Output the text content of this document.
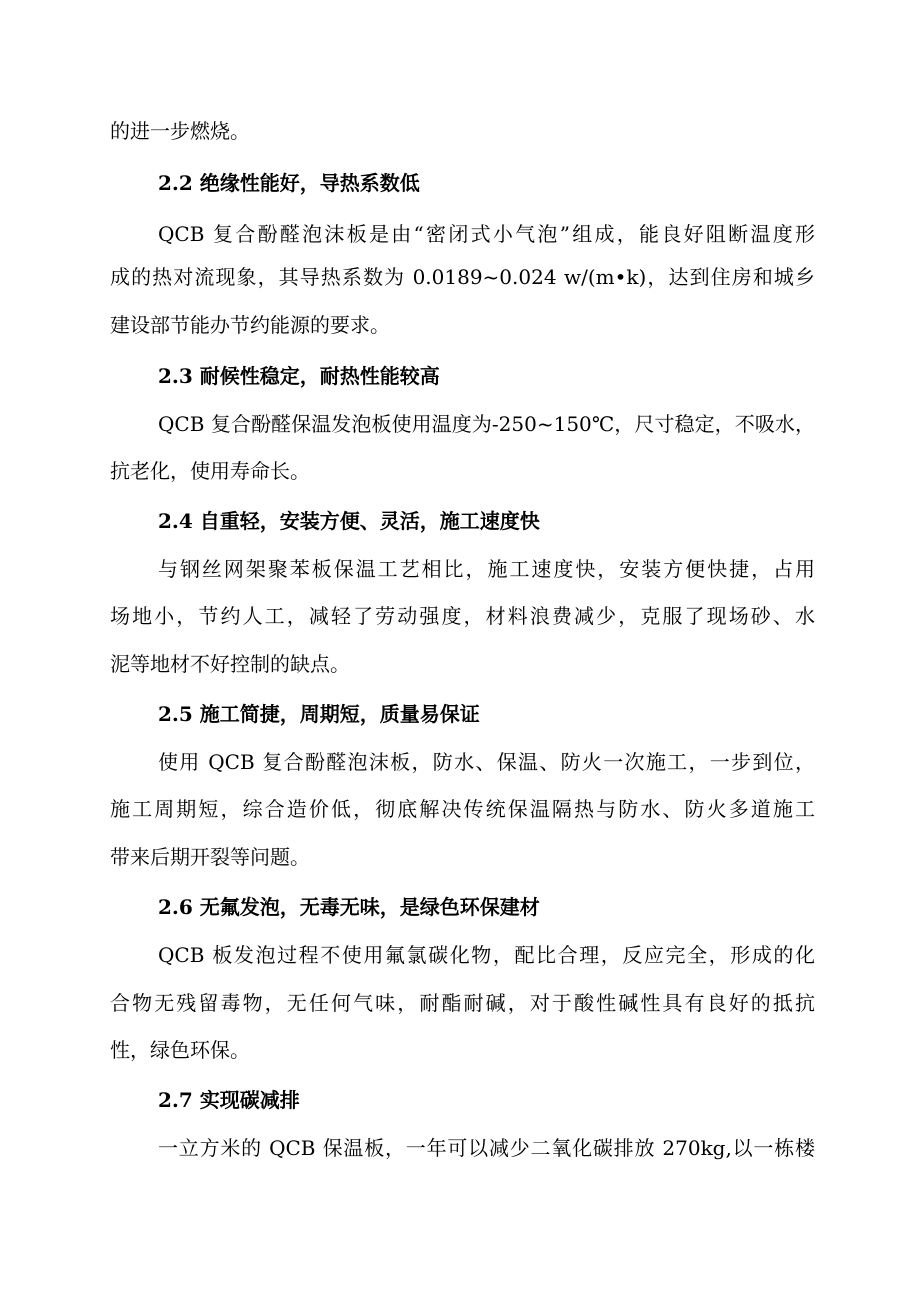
的进一步燃烧。
2.2 绝缘性能好，导热系数低
QCB 复合酚醛泡沫板是由“密闭式小气泡”组成，能良好阻断温度形
成的热对流现象，其导热系数为 0.0189~0.024 w/(m•k)，达到住房和城乡
建设部节能办节约能源的要求。
2.3 耐候性稳定，耐热性能较高
QCB 复合酚醛保温发泡板使用温度为-250~150℃，尺寸稳定，不吸水，
抗老化，使用寿命长。
2.4 自重轻，安装方便、灵活，施工速度快
与钢丝网架聚苯板保温工艺相比，施工速度快，安装方便快捷，占用
场地小，节约人工，减轻了劳动强度，材料浪费减少，克服了现场砂、水
泥等地材不好控制的缺点。
2.5 施工简捷，周期短，质量易保证
使用 QCB 复合酚醛泡沫板，防水、保温、防火一次施工，一步到位，
施工周期短，综合造价低，彻底解决传统保温隔热与防水、防火多道施工
带来后期开裂等问题。
2.6 无氟发泡，无毒无味，是绿色环保建材
QCB 板发泡过程不使用氟氯碳化物，配比合理，反应完全，形成的化
合物无残留毒物，无任何气味，耐酯耐碱，对于酸性碱性具有良好的抵抗
性，绿色环保。
2.7 实现碳减排
一立方米的 QCB 保温板，一年可以减少二氧化碳排放 270kg,以一栋楼
